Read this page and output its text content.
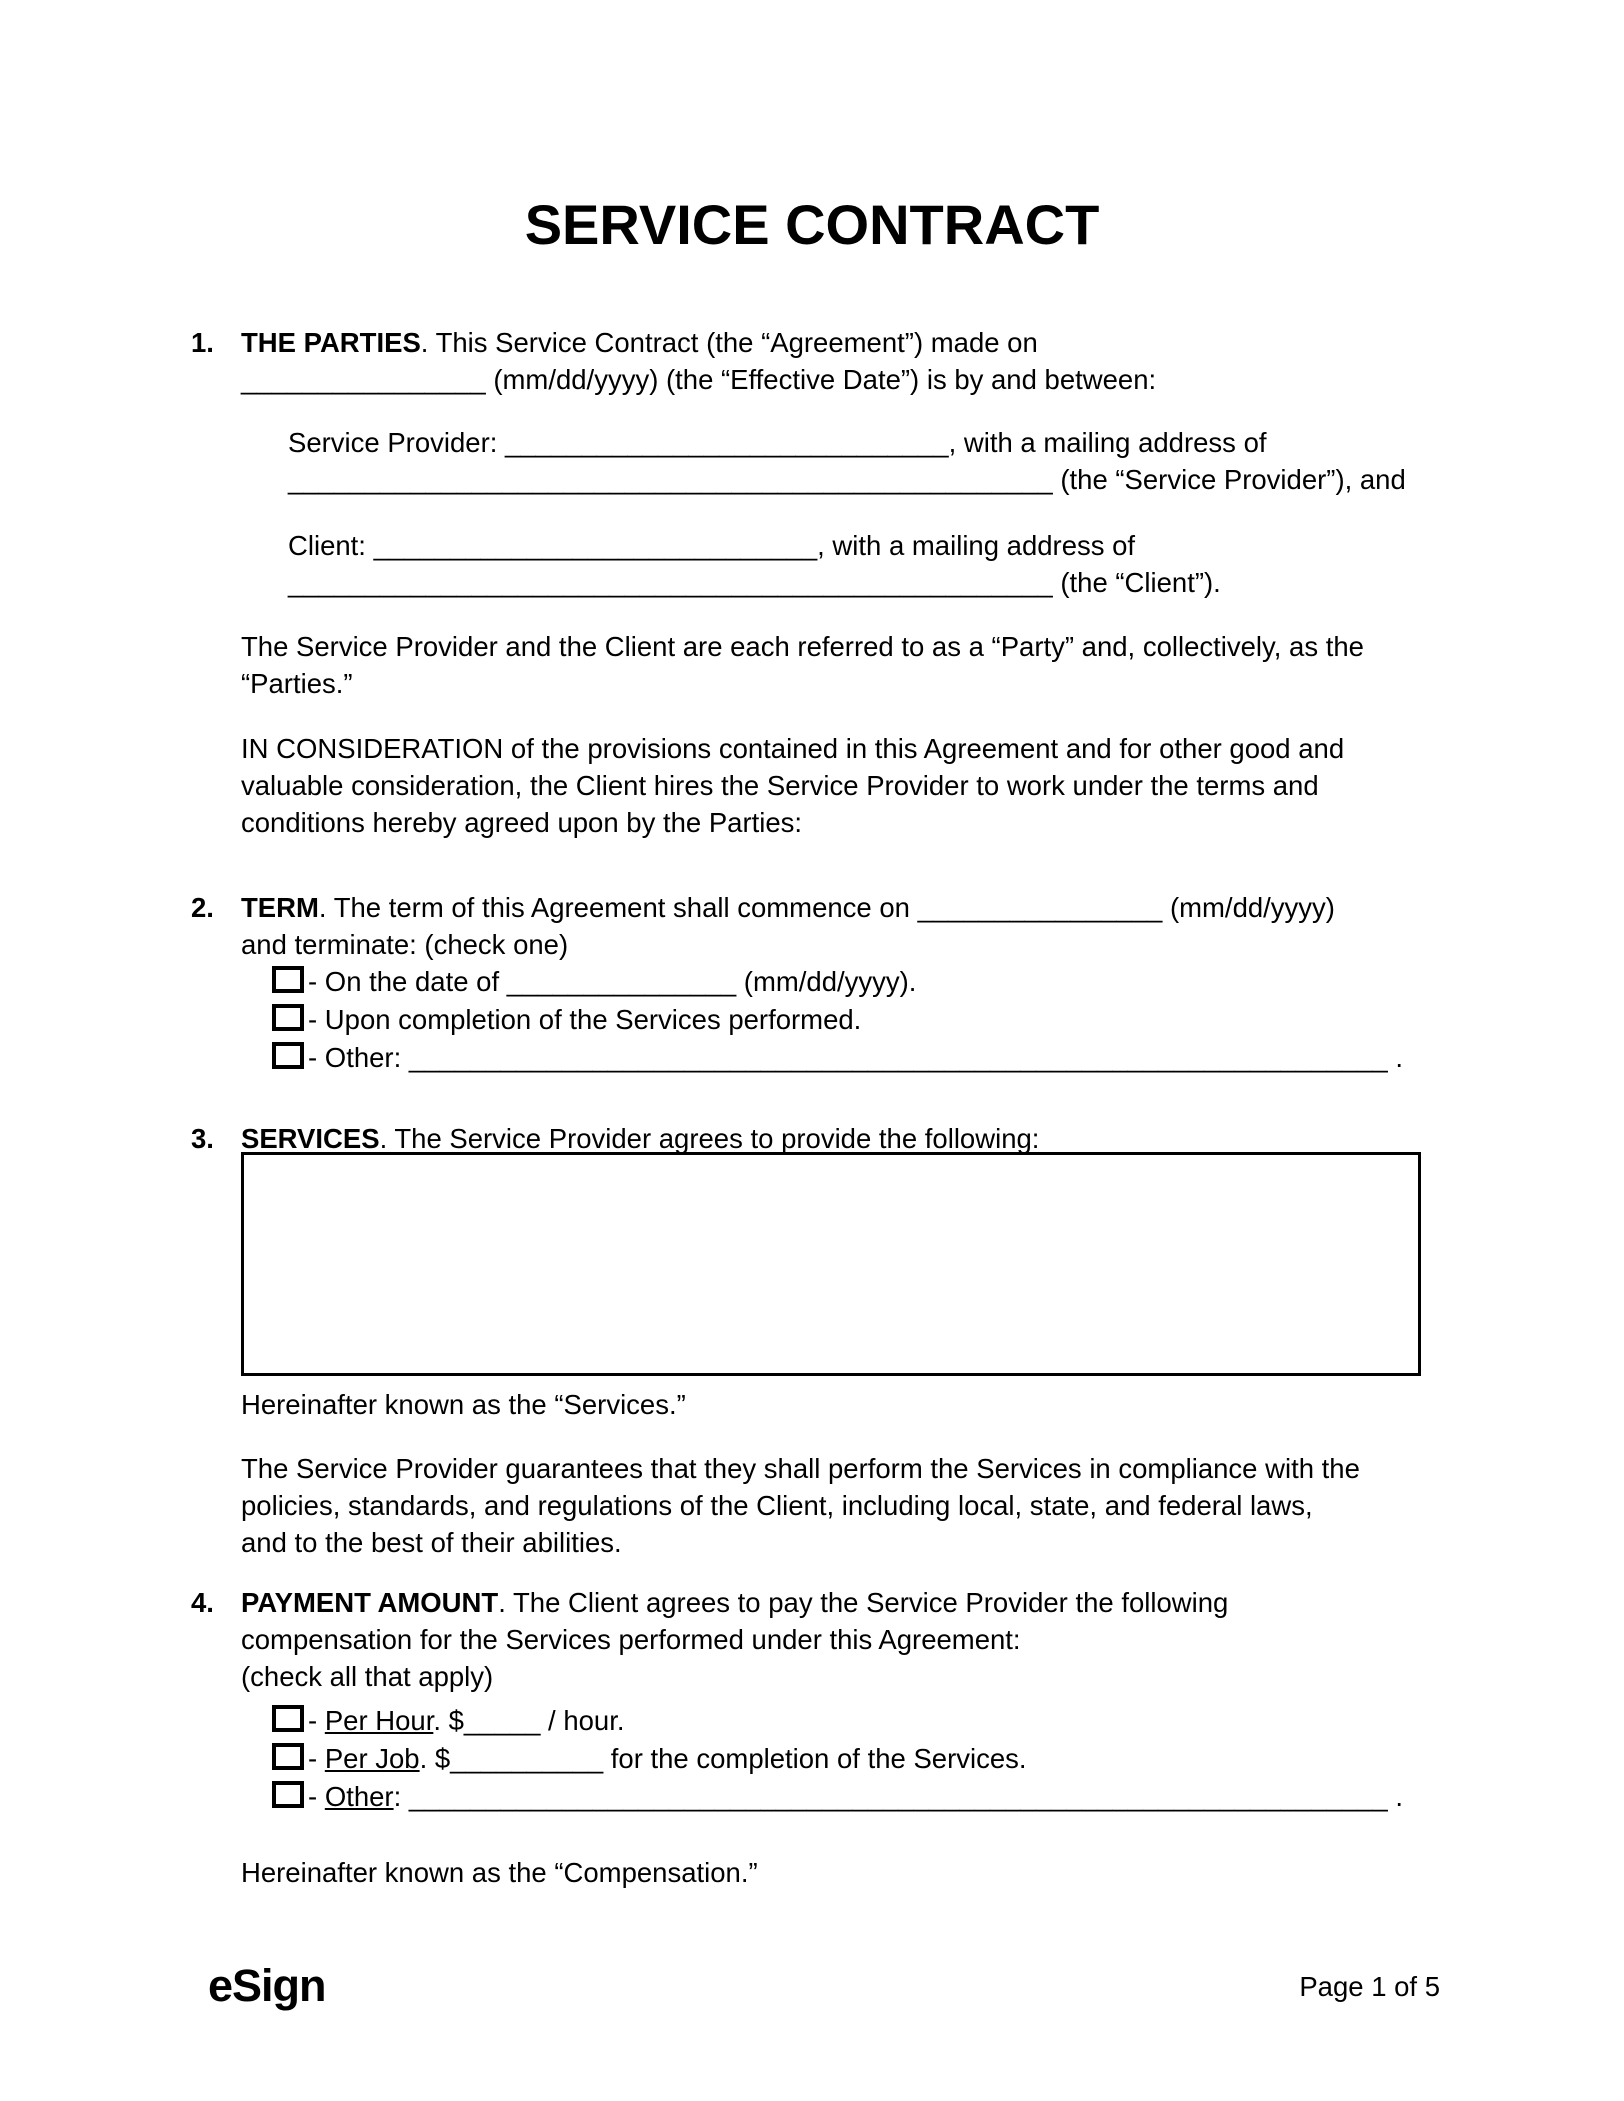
SERVICE CONTRACT
1. THE PARTIES. This Service Contract (the “Agreement”) made on
________________ (mm/dd/yyyy) (the “Effective Date”) is by and between:
Service Provider: _____________________________, with a mailing address of
__________________________________________________ (the “Service Provider”), and
Client: _____________________________, with a mailing address of
__________________________________________________ (the “Client”).
The Service Provider and the Client are each referred to as a “Party” and, collectively, as the
“Parties.”
IN CONSIDERATION of the provisions contained in this Agreement and for other good and
valuable consideration, the Client hires the Service Provider to work under the terms and
conditions hereby agreed upon by the Parties:
2. TERM. The term of this Agreement shall commence on ________________ (mm/dd/yyyy)
and terminate: (check one)
- On the date of _______________ (mm/dd/yyyy).
- Upon completion of the Services performed.
- Other: ________________________________________________________________ .
3. SERVICES. The Service Provider agrees to provide the following:
Hereinafter known as the “Services.”
The Service Provider guarantees that they shall perform the Services in compliance with the
policies, standards, and regulations of the Client, including local, state, and federal laws,
and to the best of their abilities.
4. PAYMENT AMOUNT. The Client agrees to pay the Service Provider the following
compensation for the Services performed under this Agreement:
(check all that apply)
- Per Hour. $_____ / hour.
- Per Job. $__________ for the completion of the Services.
- Other: ________________________________________________________________ .
Hereinafter known as the “Compensation.”
eSign	Page 1 of 5
